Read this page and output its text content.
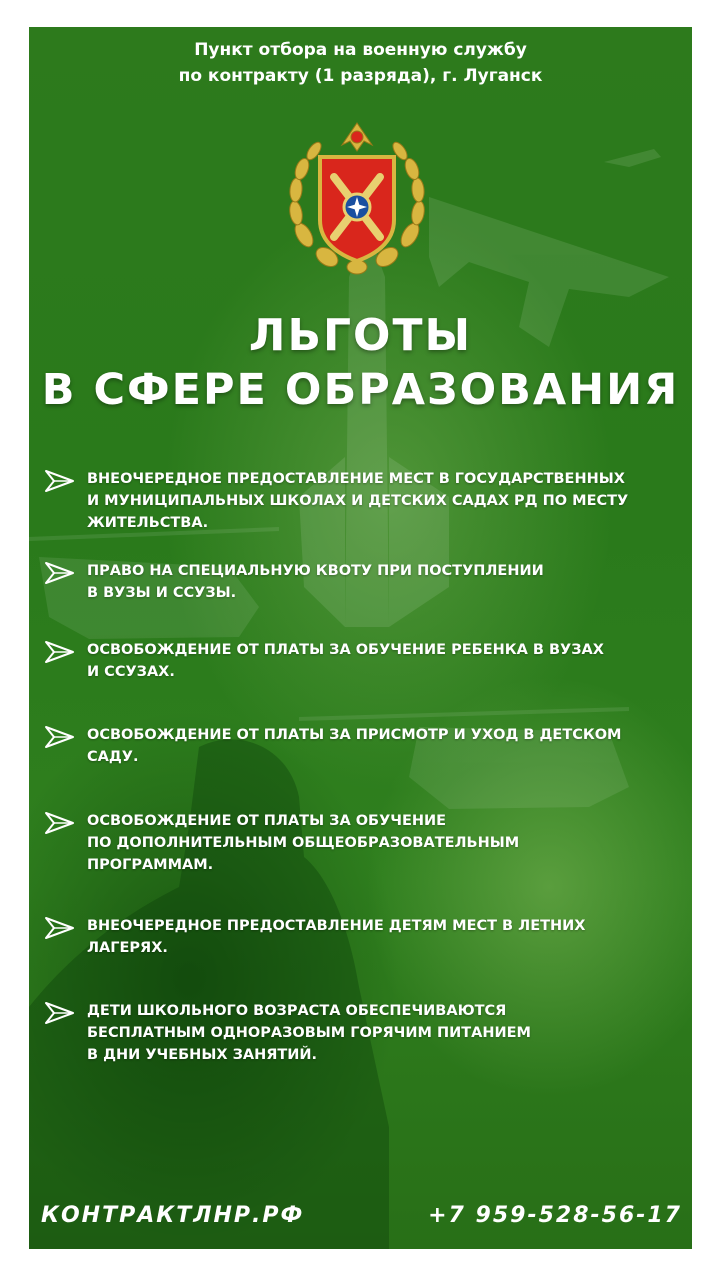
Пункт отбора на военную службу
по контракту (1 разряда), г. Луганск
ЛЬГОТЫ
В СФЕРЕ ОБРАЗОВАНИЯ
ВНЕОЧЕРЕДНОЕ ПРЕДОСТАВЛЕНИЕ МЕСТ В ГОСУДАРСТВЕННЫХ
И МУНИЦИПАЛЬНЫХ ШКОЛАХ И ДЕТСКИХ САДАХ РД ПО МЕСТУ
ЖИТЕЛЬСТВА.
ПРАВО НА СПЕЦИАЛЬНУЮ КВОТУ ПРИ ПОСТУПЛЕНИИ
В ВУЗЫ И ССУЗЫ.
ОСВОБОЖДЕНИЕ ОТ ПЛАТЫ ЗА ОБУЧЕНИЕ РЕБЕНКА В ВУЗАХ
И ССУЗАХ.
ОСВОБОЖДЕНИЕ ОТ ПЛАТЫ ЗА ПРИСМОТР И УХОД В ДЕТСКОМ
САДУ.
ОСВОБОЖДЕНИЕ ОТ ПЛАТЫ ЗА ОБУЧЕНИЕ
ПО ДОПОЛНИТЕЛЬНЫМ ОБЩЕОБРАЗОВАТЕЛЬНЫМ
ПРОГРАММАМ.
ВНЕОЧЕРЕДНОЕ ПРЕДОСТАВЛЕНИЕ ДЕТЯМ МЕСТ В ЛЕТНИХ
ЛАГЕРЯХ.
ДЕТИ ШКОЛЬНОГО ВОЗРАСТА ОБЕСПЕЧИВАЮТСЯ
БЕСПЛАТНЫМ ОДНОРАЗОВЫМ ГОРЯЧИМ ПИТАНИЕМ
В ДНИ УЧЕБНЫХ ЗАНЯТИЙ.
КОНТРАКТЛНР.РФ	+7 959-528-56-17
